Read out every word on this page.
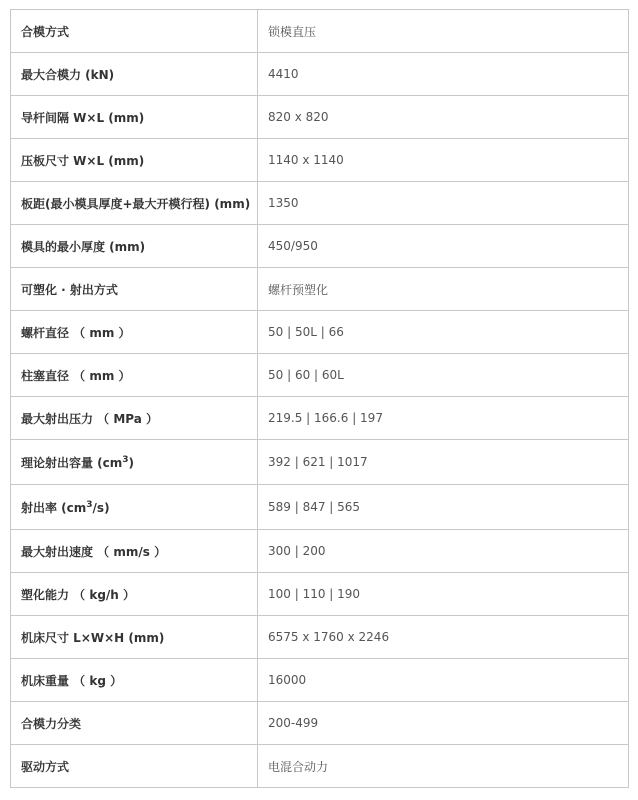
合模方式	锁模直压
最大合模力 (kN)	4410
导杆间隔 W×L (mm)	820 x 820
压板尺寸 W×L (mm)	1140 x 1140
板距(最小模具厚度+最大开模行程) (mm)	1350
模具的最小厚度 (mm)	450/950
可塑化 · 射出方式	螺杆预塑化
螺杆直径 （ mm ）	50 | 50L | 66
柱塞直径 （ mm ）	50 | 60 | 60L
最大射出压力 （ MPa ）	219.5 | 166.6 | 197
理论射出容量 $(cm^3)$	392 | 621 | 1017
射出率 $(cm^3/s)$	589 | 847 | 565
最大射出速度 （ mm/s ）	300 | 200
塑化能力 （ kg/h ）	100 | 110 | 190
机床尺寸 L×W×H (mm)	6575 x 1760 x 2246
机床重量 （ kg ）	16000
合模力分类	200-499
驱动方式	电混合动力
